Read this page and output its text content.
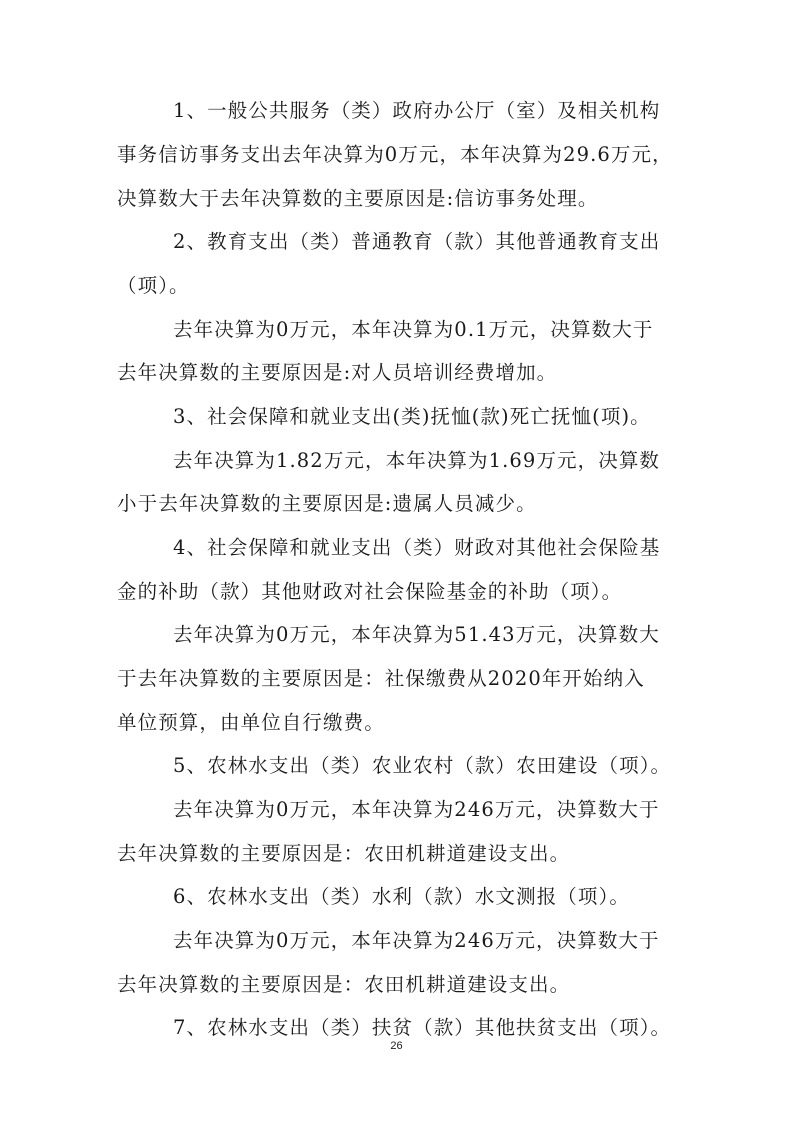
1、一般公共服务（类）政府办公厅（室）及相关机构
事务信访事务支出去年决算为0万元，本年决算为29.6万元，
决算数大于去年决算数的主要原因是:信访事务处理。
2、教育支出（类）普通教育（款）其他普通教育支出
（项）。
去年决算为0万元，本年决算为0.1万元，决算数大于
去年决算数的主要原因是:对人员培训经费增加。
3、社会保障和就业支出(类)抚恤(款)死亡抚恤(项)。
去年决算为1.82万元，本年决算为1.69万元，决算数
小于去年决算数的主要原因是:遗属人员减少。
4、社会保障和就业支出（类）财政对其他社会保险基
金的补助（款）其他财政对社会保险基金的补助（项）。
去年决算为0万元，本年决算为51.43万元，决算数大
于去年决算数的主要原因是：社保缴费从2020年开始纳入
单位预算，由单位自行缴费。
5、农林水支出（类）农业农村（款）农田建设（项）。
去年决算为0万元，本年决算为246万元，决算数大于
去年决算数的主要原因是：农田机耕道建设支出。
6、农林水支出（类）水利（款）水文测报（项）。
去年决算为0万元，本年决算为246万元，决算数大于
去年决算数的主要原因是：农田机耕道建设支出。
7、农林水支出（类）扶贫（款）其他扶贫支出（项）。
26
